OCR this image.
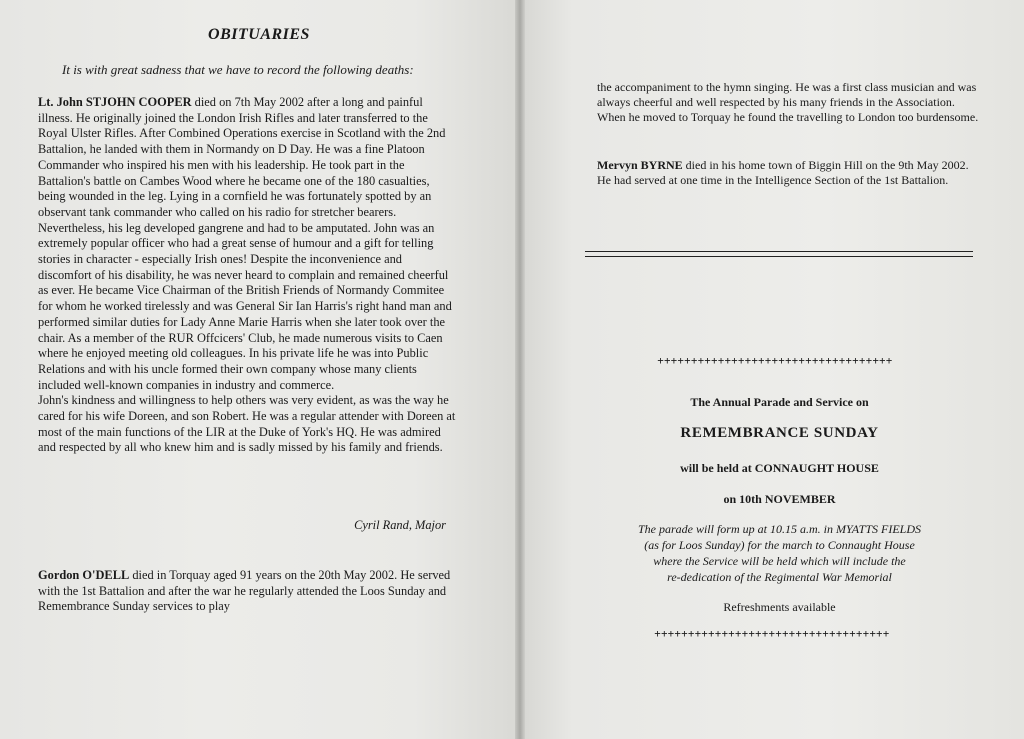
OBITUARIES
It is with great sadness that we have to record the following deaths:
Lt. John STJOHN COOPER died on 7th May 2002 after a long and painful illness. He originally joined the London Irish Rifles and later transferred to the Royal Ulster Rifles. After Combined Operations exercise in Scotland with the 2nd Battalion, he landed with them in Normandy on D Day. He was a fine Platoon Commander who inspired his men with his leadership. He took part in the Battalion's battle on Cambes Wood where he became one of the 180 casualties, being wounded in the leg. Lying in a cornfield he was fortunately spotted by an observant tank commander who called on his radio for stretcher bearers. Nevertheless, his leg developed gangrene and had to be amputated. John was an extremely popular officer who had a great sense of humour and a gift for telling stories in character - especially Irish ones! Despite the inconvenience and discomfort of his disability, he was never heard to complain and remained cheerful as ever. He became Vice Chairman of the British Friends of Normandy Commitee for whom he worked tirelessly and was General Sir Ian Harris's right hand man and performed similar duties for Lady Anne Marie Harris when she later took over the chair. As a member of the RUR Offcicers' Club, he made numerous visits to Caen where he enjoyed meeting old colleagues. In his private life he was into Public Relations and with his uncle formed their own company whose many clients included well-known companies in industry and commerce.
John's kindness and willingness to help others was very evident, as was the way he cared for his wife Doreen, and son Robert. He was a regular attender with Doreen at most of the main functions of the LIR at the Duke of York's HQ. He was admired and respected by all who knew him and is sadly missed by his family and friends.
Cyril Rand, Major
Gordon O'DELL died in Torquay aged 91 years on the 20th May 2002. He served with the 1st Battalion and after the war he regularly attended the Loos Sunday and Remembrance Sunday services to play
the accompaniment to the hymn singing. He was a first class musician and was always cheerful and well respected by his many friends in the Association. When he moved to Torquay he found the travelling to London too burdensome.
Mervyn BYRNE died in his home town of Biggin Hill on the 9th May 2002. He had served at one time in the Intelligence Section of the 1st Battalion.
+++++++++++++++++++++++++++++++++++
The Annual Parade and Service on
REMEMBRANCE SUNDAY
will be held at CONNAUGHT HOUSE
on 10th NOVEMBER
The parade will form up at 10.15 a.m. in MYATTS FIELDS
(as for Loos Sunday) for the march to Connaught House
where the Service will be held which will include the
re-dedication of the Regimental War Memorial
Refreshments available
+++++++++++++++++++++++++++++++++++
